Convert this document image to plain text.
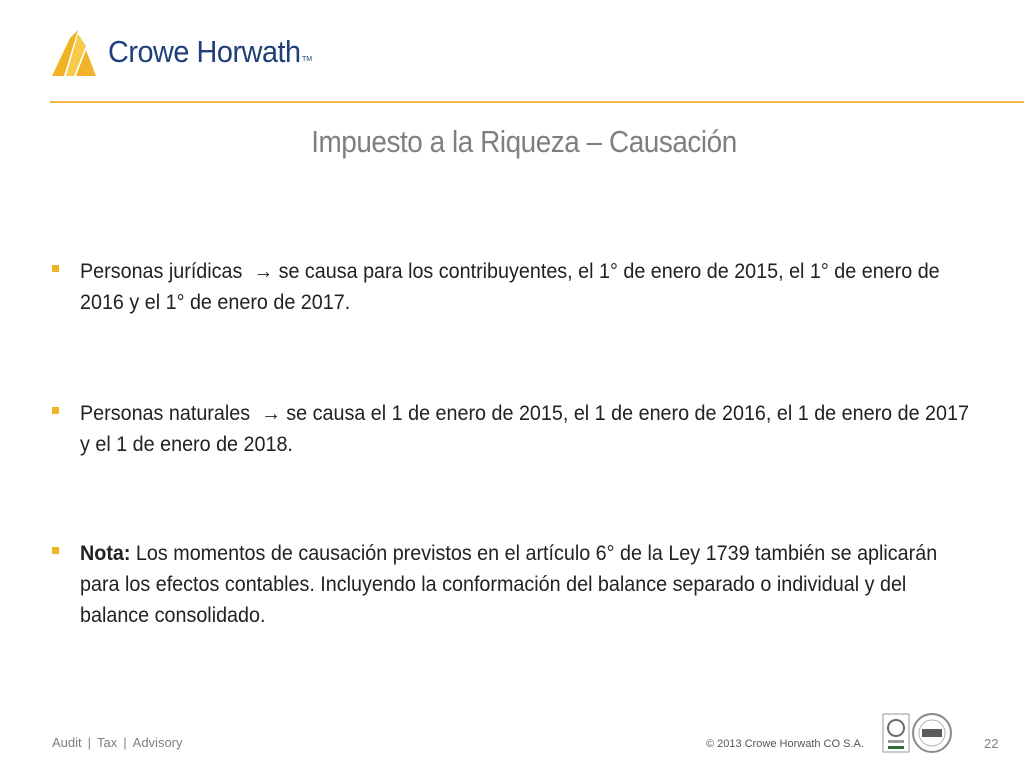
Crowe Horwath TM
Impuesto a la Riqueza – Causación
Personas jurídicas → se causa para los contribuyentes, el 1° de enero de 2015, el 1° de enero de 2016 y el 1° de enero de 2017.
Personas naturales → se causa el 1 de enero de 2015, el 1 de enero de 2016, el 1 de enero de 2017 y el 1 de enero de 2018.
Nota: Los momentos de causación previstos en el artículo 6° de la Ley 1739 también se aplicarán para los efectos contables. Incluyendo la conformación del balance separado o individual y del balance consolidado.
Audit | Tax | Advisory	© 2013 Crowe Horwath CO S.A.	22
